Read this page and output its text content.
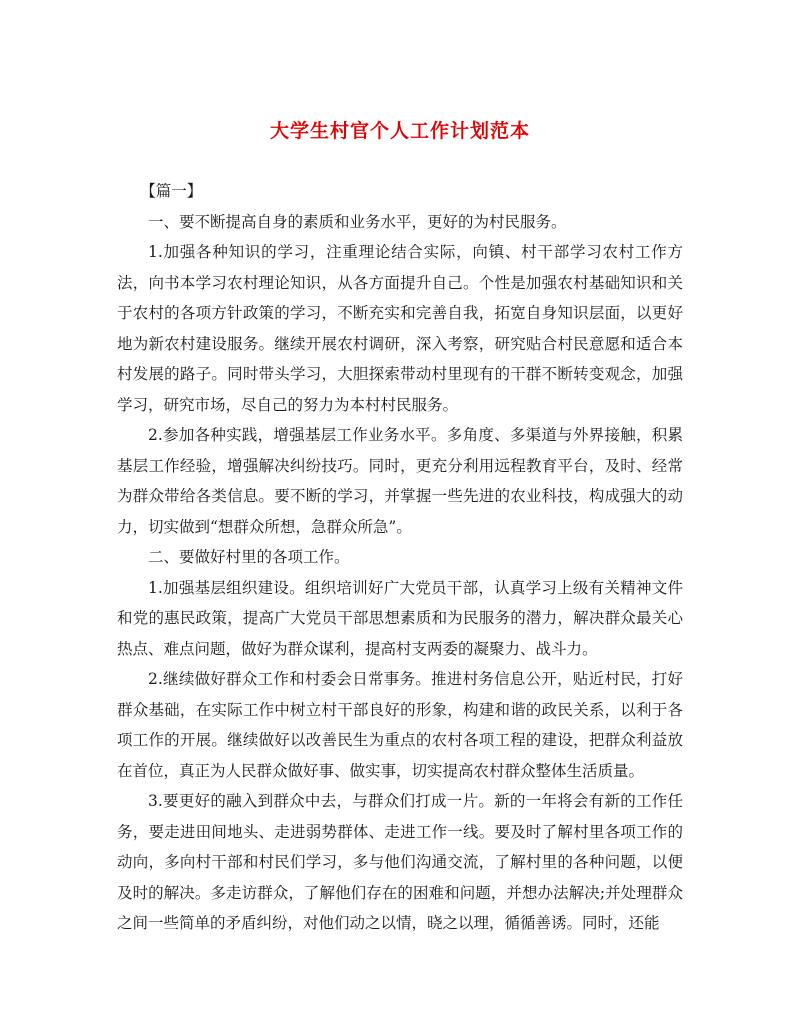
大学生村官个人工作计划范本

【篇一】

一、要不断提高自身的素质和业务水平，更好的为村民服务。

1.加强各种知识的学习，注重理论结合实际，向镇、村干部学习农村工作方法，向书本学习农村理论知识，从各方面提升自己。个性是加强农村基础知识和关于农村的各项方针政策的学习，不断充实和完善自我，拓宽自身知识层面，以更好地为新农村建设服务。继续开展农村调研，深入考察，研究贴合村民意愿和适合本村发展的路子。同时带头学习，大胆探索带动村里现有的干群不断转变观念，加强学习，研究市场，尽自己的努力为本村村民服务。

2.参加各种实践，增强基层工作业务水平。多角度、多渠道与外界接触，积累基层工作经验，增强解决纠纷技巧。同时，更充分利用远程教育平台，及时、经常为群众带给各类信息。要不断的学习，并掌握一些先进的农业科技，构成强大的动力，切实做到“想群众所想，急群众所急”。

二、要做好村里的各项工作。

1.加强基层组织建设。组织培训好广大党员干部，认真学习上级有关精神文件和党的惠民政策，提高广大党员干部思想素质和为民服务的潜力，解决群众最关心热点、难点问题，做好为群众谋利，提高村支两委的凝聚力、战斗力。

2.继续做好群众工作和村委会日常事务。推进村务信息公开，贴近村民，打好群众基础，在实际工作中树立村干部良好的形象，构建和谐的政民关系，以利于各项工作的开展。继续做好以改善民生为重点的农村各项工程的建设，把群众利益放在首位，真正为人民群众做好事、做实事，切实提高农村群众整体生活质量。

3.要更好的融入到群众中去，与群众们打成一片。新的一年将会有新的工作任务，要走进田间地头、走进弱势群体、走进工作一线。要及时了解村里各项工作的动向，多向村干部和村民们学习，多与他们沟通交流，了解村里的各种问题，以便及时的解决。多走访群众，了解他们存在的困难和问题，并想办法解决;并处理群众之间一些简单的矛盾纠纷，对他们动之以情，晓之以理，循循善诱。同时，还能
